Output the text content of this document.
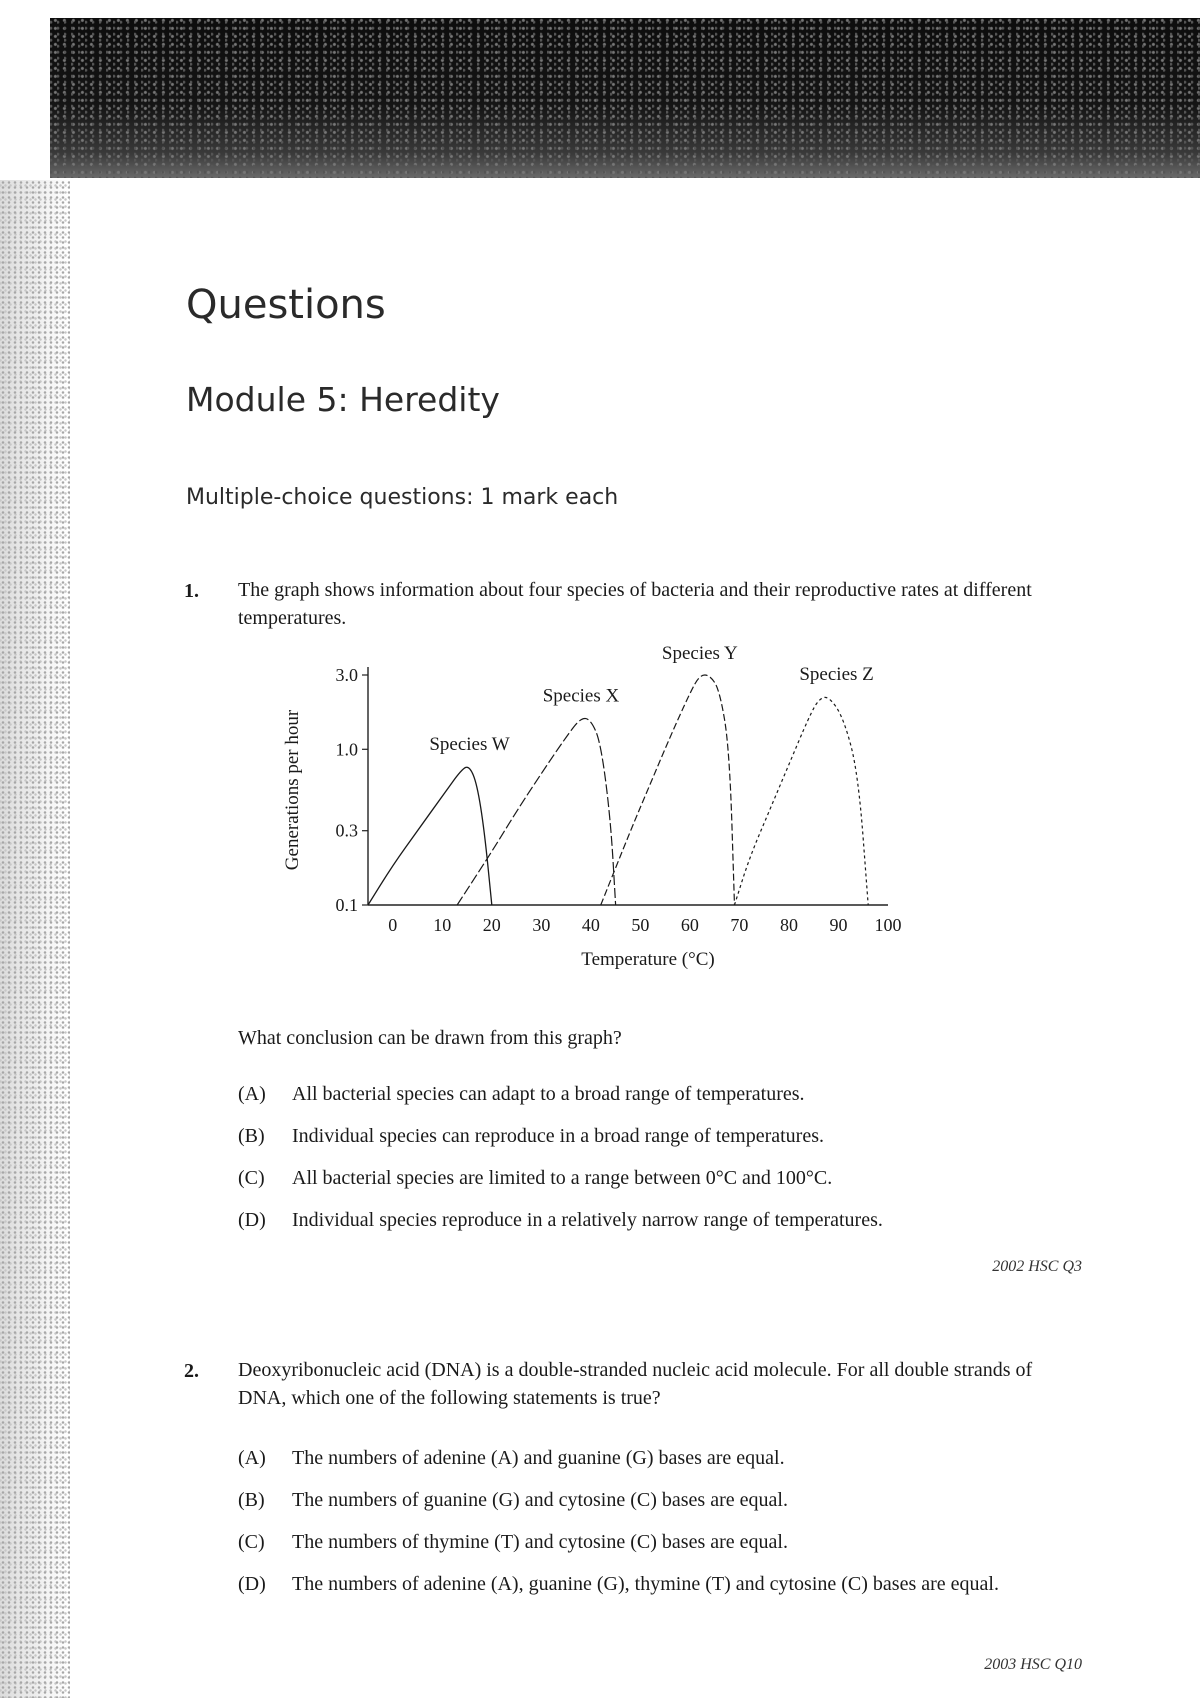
Questions
Module 5: Heredity
Multiple-choice questions: 1 mark each
1. The graph shows information about four species of bacteria and their reproductive rates at different temperatures.
0.1
0.3
1.0
3.0
0 10 20 30 40 50 60 70 80 90 100
Temperature (°C)
Generations per hour	Species W
Species X
Species Y
Species Z
What conclusion can be drawn from this graph?
(A) All bacterial species can adapt to a broad range of temperatures.
(B) Individual species can reproduce in a broad range of temperatures.
(C) All bacterial species are limited to a range between 0°C and 100°C.
(D) Individual species reproduce in a relatively narrow range of temperatures.
2002 HSC Q3
2. Deoxyribonucleic acid (DNA) is a double-stranded nucleic acid molecule. For all double strands of DNA, which one of the following statements is true?
(A) The numbers of adenine (A) and guanine (G) bases are equal.
(B) The numbers of guanine (G) and cytosine (C) bases are equal.
(C) The numbers of thymine (T) and cytosine (C) bases are equal.
(D) The numbers of adenine (A), guanine (G), thymine (T) and cytosine (C) bases are equal.
2003 HSC Q10
